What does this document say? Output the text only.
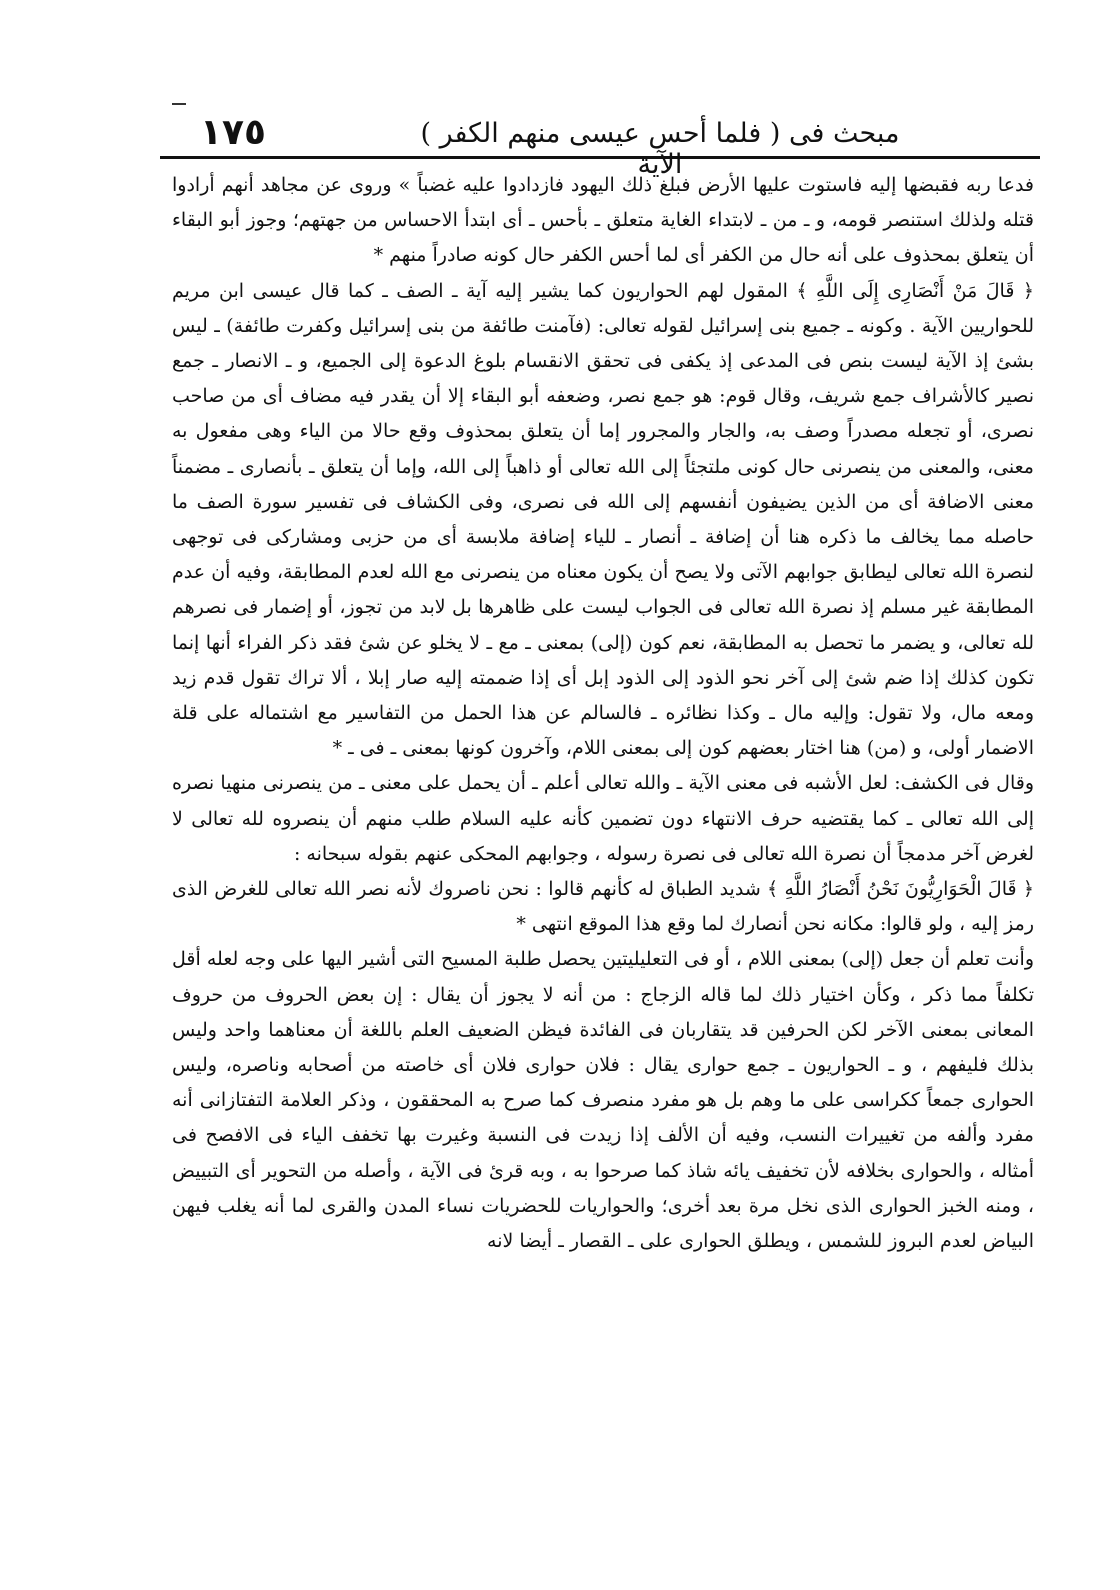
١٧٥	مبحث فى ( فلما أحس عيسى منهم الكفر ) الآية

فدعا ربه فقبضها إليه فاستوت عليها الأرض فبلغ ذلك اليهود فازدادوا عليه غضباً » وروى عن مجاهد أنهم أرادوا قتله ولذلك استنصر قومه، و ـ من ـ لابتداء الغاية متعلق ـ بأحس ـ أى ابتدأ الاحساس من جهتهم؛ وجوز أبو البقاء أن يتعلق بمحذوف على أنه حال من الكفر أى لما أحس الكفر حال كونه صادراً منهم *

﴿ قَالَ مَنْ أَنْصَارِى إِلَى اللَّهِ ﴾ المقول لهم الحواريون كما يشير إليه آية ـ الصف ـ كما قال عيسى ابن مريم للحواريين الآية . وكونه ـ جميع بنى إسرائيل لقوله تعالى: (فآمنت طائفة من بنى إسرائيل وكفرت طائفة) ـ ليس بشئ إذ الآية ليست بنص فى المدعى إذ يكفى فى تحقق الانقسام بلوغ الدعوة إلى الجميع، و ـ الانصار ـ جمع نصير كالأشراف جمع شريف، وقال قوم: هو جمع نصر، وضعفه أبو البقاء إلا أن يقدر فيه مضاف أى من صاحب نصرى، أو تجعله مصدراً وصف به، والجار والمجرور إما أن يتعلق بمحذوف وقع حالا من الياء وهى مفعول به معنى، والمعنى من ينصرنى حال كونى ملتجئاً إلى الله تعالى أو ذاهباً إلى الله، وإما أن يتعلق ـ بأنصارى ـ مضمناً معنى الاضافة أى من الذين يضيفون أنفسهم إلى الله فى نصرى، وفى الكشاف فى تفسير سورة الصف ما حاصله مما يخالف ما ذكره هنا أن إضافة ـ أنصار ـ للياء إضافة ملابسة أى من حزبى ومشاركى فى توجهى لنصرة الله تعالى ليطابق جوابهم الآتى ولا يصح أن يكون معناه من ينصرنى مع الله لعدم المطابقة، وفيه أن عدم المطابقة غير مسلم إذ نصرة الله تعالى فى الجواب ليست على ظاهرها بل لابد من تجوز، أو إضمار فى نصرهم لله تعالى، و يضمر ما تحصل به المطابقة، نعم كون (إلى) بمعنى ـ مع ـ لا يخلو عن شئ فقد ذكر الفراء أنها إنما تكون كذلك إذا ضم شئ إلى آخر نحو الذود إلى الذود إبل أى إذا ضممته إليه صار إبلا ، ألا تراك تقول قدم زيد ومعه مال، ولا تقول: وإليه مال ـ وكذا نظائره ـ فالسالم عن هذا الحمل من التفاسير مع اشتماله على قلة الاضمار أولى، و (من) هنا اختار بعضهم كون إلى بمعنى اللام، وآخرون كونها بمعنى ـ فى ـ *

وقال فى الكشف: لعل الأشبه فى معنى الآية ـ والله تعالى أعلم ـ أن يحمل على معنى ـ من ينصرنى منهيا نصره إلى الله تعالى ـ كما يقتضيه حرف الانتهاء دون تضمين كأنه عليه السلام طلب منهم أن ينصروه لله تعالى لا لغرض آخر مدمجاً أن نصرة الله تعالى فى نصرة رسوله ، وجوابهم المحكى عنهم بقوله سبحانه :

﴿ قَالَ الْحَوَارِيُّونَ نَحْنُ أَنْصَارُ اللَّهِ ﴾ شديد الطباق له كأنهم قالوا : نحن ناصروك لأنه نصر الله تعالى للغرض الذى رمز إليه ، ولو قالوا: مكانه نحن أنصارك لما وقع هذا الموقع انتهى *

وأنت تعلم أن جعل (إلى) بمعنى اللام ، أو فى التعليليتين يحصل طلبة المسيح التى أشير اليها على وجه لعله أقل تكلفاً مما ذكر ، وكأن اختيار ذلك لما قاله الزجاج : من أنه لا يجوز أن يقال : إن بعض الحروف من حروف المعانى بمعنى الآخر لكن الحرفين قد يتقاربان فى الفائدة فيظن الضعيف العلم باللغة أن معناهما واحد وليس بذلك فليفهم ، و ـ الحواريون ـ جمع حوارى يقال : فلان حوارى فلان أى خاصته من أصحابه وناصره، وليس الحوارى جمعاً ككراسى على ما وهم بل هو مفرد منصرف كما صرح به المحققون ، وذكر العلامة التفتازانى أنه مفرد وألفه من تغييرات النسب، وفيه أن الألف إذا زيدت فى النسبة وغيرت بها تخفف الياء فى الافصح فى أمثاله ، والحوارى بخلافه لأن تخفيف يائه شاذ كما صرحوا به ، وبه قرئ فى الآية ، وأصله من التحوير أى التبييض ، ومنه الخبز الحوارى الذى نخل مرة بعد أخرى؛ والحواريات للحضريات نساء المدن والقرى لما أنه يغلب فيهن البياض لعدم البروز للشمس ، ويطلق الحوارى على ـ القصار ـ أيضا لانه
